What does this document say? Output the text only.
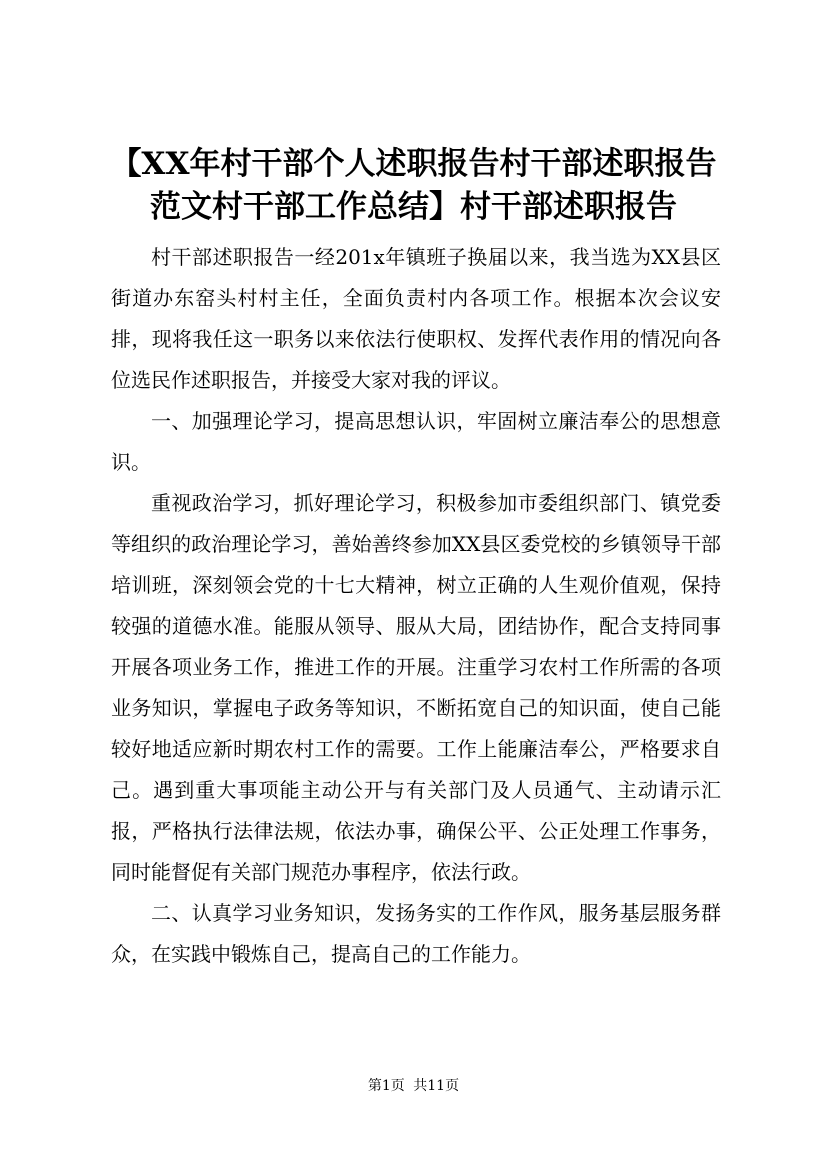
【XX年村干部个人述职报告村干部述职报告
范文村干部工作总结】村干部述职报告

村干部述职报告一经201x年镇班子换届以来，我当选为XX县区街道办东窑头村村主任，全面负责村内各项工作。根据本次会议安排，现将我任这一职务以来依法行使职权、发挥代表作用的情况向各位选民作述职报告，并接受大家对我的评议。

一、加强理论学习，提高思想认识，牢固树立廉洁奉公的思想意识。

重视政治学习，抓好理论学习，积极参加市委组织部门、镇党委等组织的政治理论学习，善始善终参加XX县区委党校的乡镇领导干部培训班，深刻领会党的十七大精神，树立正确的人生观价值观，保持较强的道德水准。能服从领导、服从大局，团结协作，配合支持同事开展各项业务工作，推进工作的开展。注重学习农村工作所需的各项业务知识，掌握电子政务等知识，不断拓宽自己的知识面，使自己能较好地适应新时期农村工作的需要。工作上能廉洁奉公，严格要求自己。遇到重大事项能主动公开与有关部门及人员通气、主动请示汇报，严格执行法律法规，依法办事，确保公平、公正处理工作事务，同时能督促有关部门规范办事程序，依法行政。

二、认真学习业务知识，发扬务实的工作作风，服务基层服务群众，在实践中锻炼自己，提高自己的工作能力。

第1页 共11页
